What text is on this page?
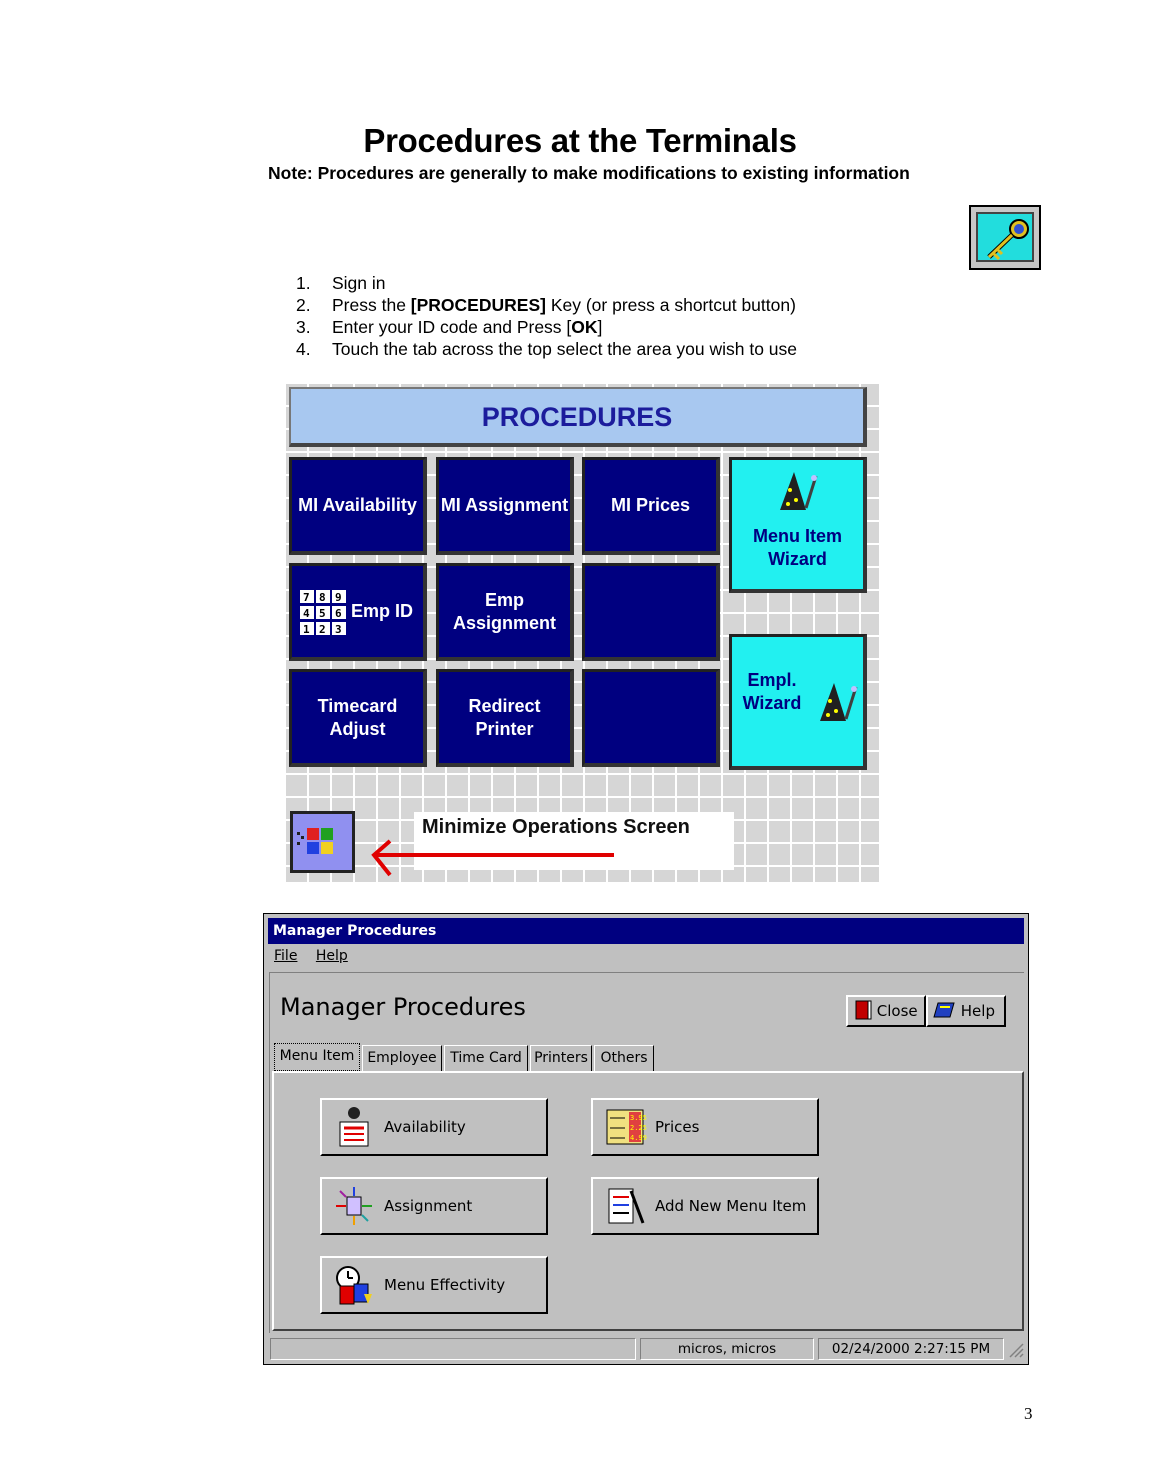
Procedures at the Terminals
Note: Procedures are generally to make modifications to existing information
1. Sign in
2. Press the [PROCEDURES] Key (or press a shortcut button)
3. Enter your ID code and Press [OK]
4. Touch the tab across the top select the area you wish to use
PROCEDURES
MI Availability MI Assignment MI Prices
Menu Item Wizard
7 8 9
4 5 6
1 2 3
Emp ID
Emp Assignment
Empl. Wizard
Timecard Adjust
Redirect Printer
Minimize Operations Screen
Manager Procedures
File Help
Manager Procedures	Close	Help
Menu Item Employee Time Card Printers Others
Availability	3.95
2.25
4.99
Prices
Assignment	Add New Menu Item
Menu Effectivity
micros, micros	02/24/2000 2:27:15 PM
3
